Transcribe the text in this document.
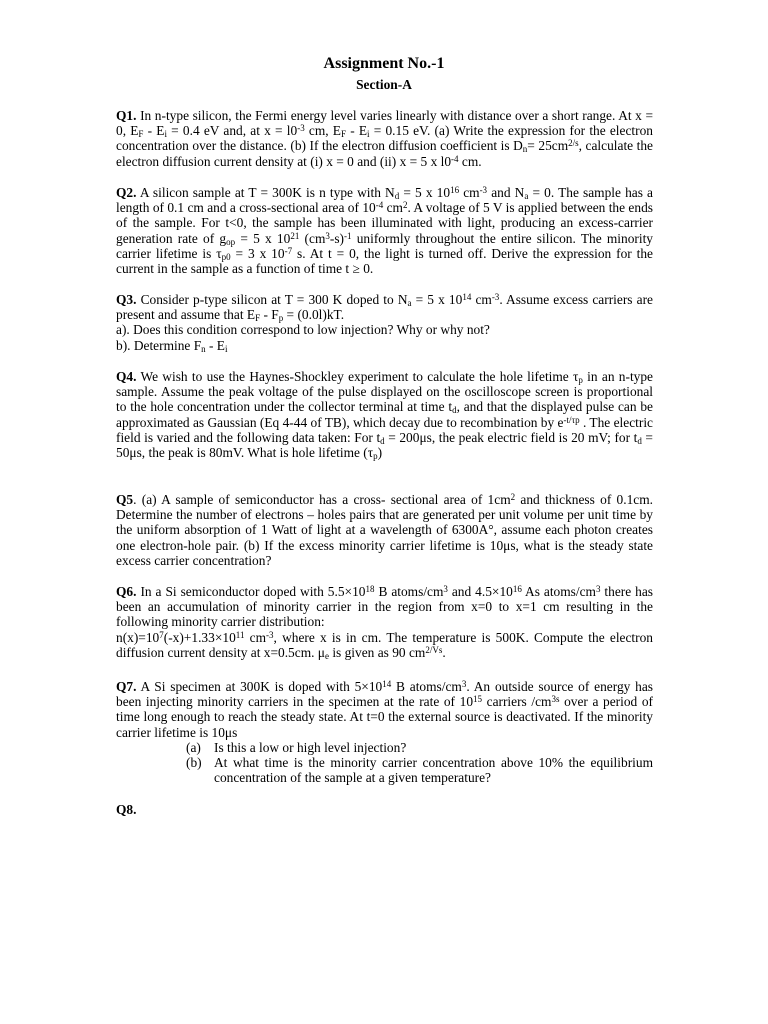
Assignment No.-1
Section-A

Q1. In n-type silicon, the Fermi energy level varies linearly with distance over a short range. At x = 0, $E_F - E_i = 0.4$ eV and, at $x = l0^{-3}$ cm, $E_F - E_i = 0.15$ eV. (a) Write the expression for the electron concentration over the distance. (b) If the electron diffusion coefficient is $D_n= 25cm^{2/s}$, calculate the electron diffusion current density at (i) x = 0 and (ii) x = 5 x $l0^{-4}$ cm.

Q2. A silicon sample at T = 300K is n type with $N_d = 5$ x $10^{16}$ $cm^{-3}$ and $N_a = 0$. The sample has a length of 0.1 cm and a cross-sectional area of $10^{-4}$ $cm^2$. A voltage of 5 V is applied between the ends of the sample. For t<0, the sample has been illuminated with light, producing an excess-carrier generation rate of $g_{op} = 5$ x $10^{21}$ $(cm^3-s)^{-1}$ uniformly throughout the entire silicon. The minority carrier lifetime is $\tau_{p0} = 3$ x $10^{-7}$ s. At t = 0, the light is turned off. Derive the expression for the current in the sample as a function of time t ≥ 0.

Q3. Consider p-type silicon at T = 300 K doped to $N_a = 5$ x $10^{14}$ $cm^{-3}$. Assume excess carriers are present and assume that $E_F - F_p = (0.0l)kT$.

a). Does this condition correspond to low injection? Why or why not?

b). Determine $F_n - E_i$

Q4. We wish to use the Haynes-Shockley experiment to calculate the hole lifetime $\tau_p$ in an n-type sample. Assume the peak voltage of the pulse displayed on the oscilloscope screen is proportional to the hole concentration under the collector terminal at time $t_d$, and that the displayed pulse can be approximated as Gaussian (Eq 4-44 of TB), which decay due to recombination by $e^{-t/\tau p}$ . The electric field is varied and the following data taken: For $t_d = 200\mu s$, the peak electric field is 20 mV; for $t_d = 50\mu s$, the peak is 80mV. What is hole lifetime $(\tau_p)$

Q5. (a) A sample of semiconductor has a cross- sectional area of $1cm^2$ and thickness of 0.1cm. Determine the number of electrons – holes pairs that are generated per unit volume per unit time by the uniform absorption of 1 Watt of light at a wavelength of 6300A°, assume each photon creates one electron-hole pair. (b) If the excess minority carrier lifetime is 10μs, what is the steady state excess carrier concentration?

Q6. In a Si semiconductor doped with $5.5\times 10^{18}$ B atoms/$cm^3$ and $4.5\times 10^{16}$ As atoms/$cm^3$ there has been an accumulation of minority carrier in the region from x=0 to x=1 cm resulting in the following minority carrier distribution:

$n(x)=10^7(-x)+1.33\times 10^{11}$ $cm^{-3}$, where x is in cm. The temperature is 500K. Compute the electron diffusion current density at x=0.5cm. $\mu_e$ is given as 90 $cm^{2/Vs}$.

Q7. A Si specimen at 300K is doped with $5\times 10^{14}$ B atoms/$cm^3$. An outside source of energy has been injecting minority carriers in the specimen at the rate of $10^{15}$ carriers $/cm^{3s}$ over a period of time long enough to reach the steady state. At t=0 the external source is deactivated. If the minority carrier lifetime is 10μs

(a) Is this a low or high level injection?
(b) At what time is the minority carrier concentration above 10% the equilibrium concentration of the sample at a given temperature?

Q8.
